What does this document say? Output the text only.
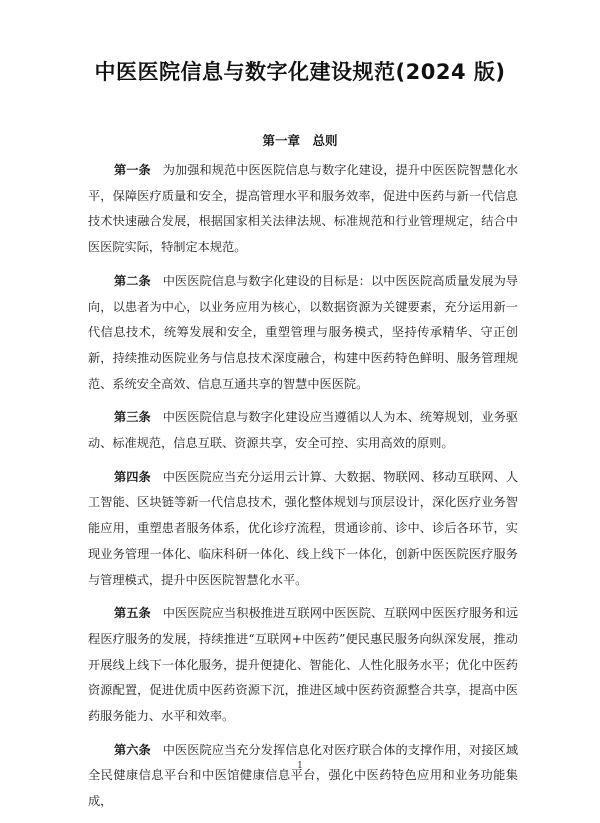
中医医院信息与数字化建设规范(2024 版)
第一章　总则

第一条 为加强和规范中医医院信息与数字化建设，提升中医医院智慧化水平，保障医疗质量和安全，提高管理水平和服务效率，促进中医药与新一代信息技术快速融合发展，根据国家相关法律法规、标准规范和行业管理规定，结合中医医院实际，特制定本规范。

第二条 中医医院信息与数字化建设的目标是：以中医医院高质量发展为导向，以患者为中心，以业务应用为核心，以数据资源为关键要素，充分运用新一代信息技术，统筹发展和安全，重塑管理与服务模式，坚持传承精华、守正创新，持续推动医院业务与信息技术深度融合，构建中医药特色鲜明、服务管理规范、系统安全高效、信息互通共享的智慧中医医院。

第三条 中医医院信息与数字化建设应当遵循以人为本、统筹规划，业务驱动、标准规范，信息互联、资源共享，安全可控、实用高效的原则。

第四条 中医医院应当充分运用云计算、大数据、物联网、移动互联网、人工智能、区块链等新一代信息技术，强化整体规划与顶层设计，深化医疗业务智能应用，重塑患者服务体系，优化诊疗流程，贯通诊前、诊中、诊后各环节，实现业务管理一体化、临床科研一体化、线上线下一体化，创新中医医院医疗服务与管理模式，提升中医医院智慧化水平。

第五条 中医医院应当积极推进互联网中医医院、互联网中医医疗服务和远程医疗服务的发展，持续推进“互联网+中医药”便民惠民服务向纵深发展，推动开展线上线下一体化服务，提升便捷化、智能化、人性化服务水平；优化中医药资源配置，促进优质中医药资源下沉，推进区域中医药资源整合共享，提高中医药服务能力、水平和效率。

第六条 中医医院应当充分发挥信息化对医疗联合体的支撑作用，对接区域全民健康信息平台和中医馆健康信息平台，强化中医药特色应用和业务功能集成，

1
